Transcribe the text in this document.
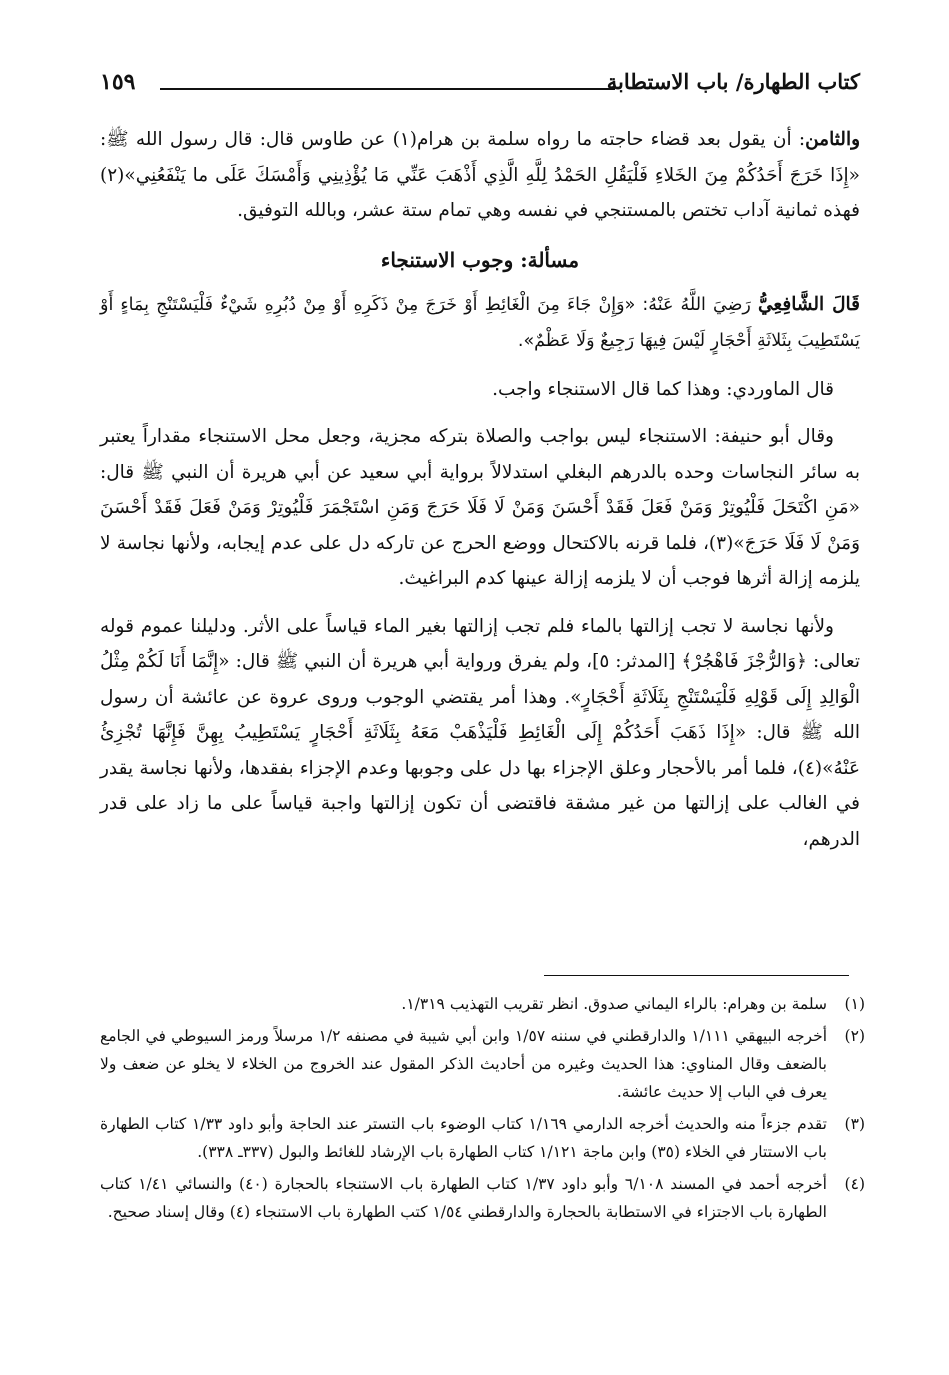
كتاب الطهارة/ باب الاستطابة
١٥٩

والثامن: أن يقول بعد قضاء حاجته ما رواه سلمة بن هرام(١) عن طاوس قال: قال رسول الله ﷺ: «إِذَا خَرَجَ أَحَدُكُمْ مِنَ الخَلاءِ فَلْيَقُلِ الحَمْدُ لِلَّهِ الَّذِي أَذْهَبَ عَنِّي مَا يُؤْذِينِي وَأَمْسَكَ عَلَى ما يَنْفَعُنِي»(٢) فهذه ثمانية آداب تختص بالمستنجي في نفسه وهي تمام ستة عشر، وبالله التوفيق.

مسألة: وجوب الاستنجاء

قَالَ الشَّافِعِيُّ رَضِيَ اللَّهُ عَنْهُ: «وَإِنْ جَاءَ مِنَ الْغَائِطِ أَوْ خَرَجَ مِنْ ذَكَرِهِ أَوْ مِنْ دُبُرِهِ شَيْءٌ فَلْيَسْتَنْجِ بِمَاءٍ أَوْ يَسْتَطِيبَ بِثَلاثَةِ أَحْجَارٍ لَيْسَ فِيهَا رَجِيعٌ وَلَا عَظْمٌ».

قال الماوردي: وهذا كما قال الاستنجاء واجب.

وقال أبو حنيفة: الاستنجاء ليس بواجب والصلاة بتركه مجزية، وجعل محل الاستنجاء مقداراً يعتبر به سائر النجاسات وحده بالدرهم البغلي استدلالاً برواية أبي سعيد عن أبي هريرة أن النبي ﷺ قال: «مَنِ اكْتَحَلَ فَلْيُوتِرْ وَمَنْ فَعَلَ فَقَدْ أَحْسَنَ وَمَنْ لَا فَلَا حَرَجَ وَمَنِ اسْتَجْمَرَ فَلْيُوتِرْ وَمَنْ فَعَلَ فَقَدْ أَحْسَنَ وَمَنْ لَا فَلَا حَرَجَ»(٣)، فلما قرنه بالاكتحال ووضع الحرج عن تاركه دل على عدم إيجابه، ولأنها نجاسة لا يلزمه إزالة أثرها فوجب أن لا يلزمه إزالة عينها كدم البراغيث.

ولأنها نجاسة لا تجب إزالتها بالماء فلم تجب إزالتها بغير الماء قياساً على الأثر. ودليلنا عموم قوله تعالى: ﴿وَالرُّجْزَ فَاهْجُرْ﴾ [المدثر: ٥]، ولم يفرق ورواية أبي هريرة أن النبي ﷺ قال: «إِنَّمَا أَنَا لَكُمْ مِثْلُ الْوَالِدِ إِلَى قَوْلِهِ فَلْيَسْتَنْجِ بِثَلَاثَةِ أَحْجَارٍ». وهذا أمر يقتضي الوجوب وروى عروة عن عائشة أن رسول الله ﷺ قال: «إِذَا ذَهَبَ أَحَدُكُمْ إِلَى الْغَائِطِ فَلْيَذْهَبْ مَعَهُ بِثَلَاثَةِ أَحْجَارٍ يَسْتَطِيبُ بِهِنَّ فَإِنَّهَا تُجْزِئُ عَنْهُ»(٤)، فلما أمر بالأحجار وعلق الإجزاء بها دل على وجوبها وعدم الإجزاء بفقدها، ولأنها نجاسة يقدر في الغالب على إزالتها من غير مشقة فاقتضى أن تكون إزالتها واجبة قياساً على ما زاد على قدر الدرهم،

(١)
سلمة بن وهرام: بالراء اليماني صدوق. انظر تقريب التهذيب ١/٣١٩.
(٢)
أخرجه البيهقي ١/١١١ والدارقطني في سننه ١/٥٧ وابن أبي شيبة في مصنفه ١/٢ مرسلاً ورمز السيوطي في الجامع بالضعف وقال المناوي: هذا الحديث وغيره من أحاديث الذكر المقول عند الخروج من الخلاء لا يخلو عن ضعف ولا يعرف في الباب إلا حديث عائشة.
(٣)
تقدم جزءاً منه والحديث أخرجه الدارمي ١/١٦٩ كتاب الوضوء باب التستر عند الحاجة وأبو داود ١/٣٣ كتاب الطهارة باب الاستتار في الخلاء (٣٥) وابن ماجة ١/١٢١ كتاب الطهارة باب الإرشاد للغائط والبول (٣٣٧ـ ٣٣٨).
(٤)
أخرجه أحمد في المسند ٦/١٠٨ وأبو داود ١/٣٧ كتاب الطهارة باب الاستنجاء بالحجارة (٤٠) والنسائي ١/٤١ كتاب الطهارة باب الاجتزاء في الاستطابة بالحجارة والدارقطني ١/٥٤ كتب الطهارة باب الاستنجاء (٤) وقال إسناد صحيح.
